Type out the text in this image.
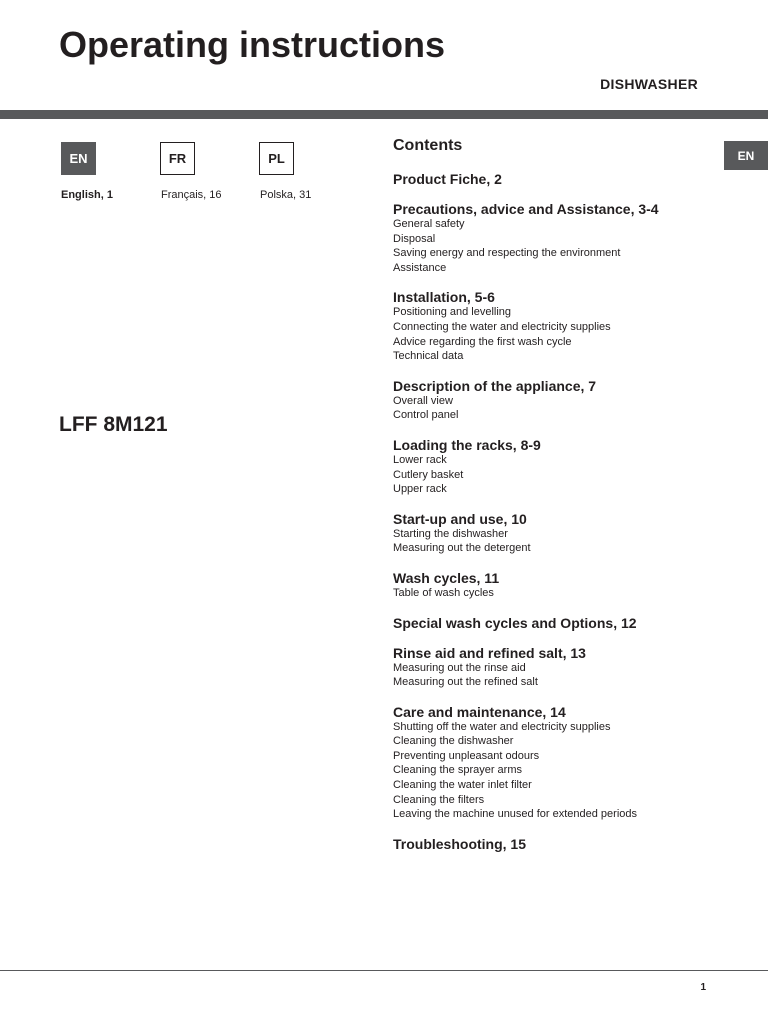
Operating instructions
DISHWASHER
EN	FR	PL
English, 1	Français, 16	Polska, 31
LFF 8M121
EN
Contents
Product Fiche, 2
Precautions, advice and Assistance, 3-4
General safety
Disposal
Saving energy and respecting the environment
Assistance
Installation, 5-6
Positioning and levelling
Connecting the water and electricity supplies
Advice regarding the first wash cycle
Technical data
Description of the appliance, 7
Overall view
Control panel
Loading the racks, 8-9
Lower rack
Cutlery basket
Upper rack
Start-up and use, 10
Starting the dishwasher
Measuring out the detergent
Wash cycles, 11
Table of wash cycles
Special wash cycles and Options, 12
Rinse aid and refined salt, 13
Measuring out the rinse aid
Measuring out the refined salt
Care and maintenance, 14
Shutting off the water and electricity supplies
Cleaning the dishwasher
Preventing unpleasant odours
Cleaning the sprayer arms
Cleaning the water inlet filter
Cleaning the filters
Leaving the machine unused for extended periods
Troubleshooting, 15
1
